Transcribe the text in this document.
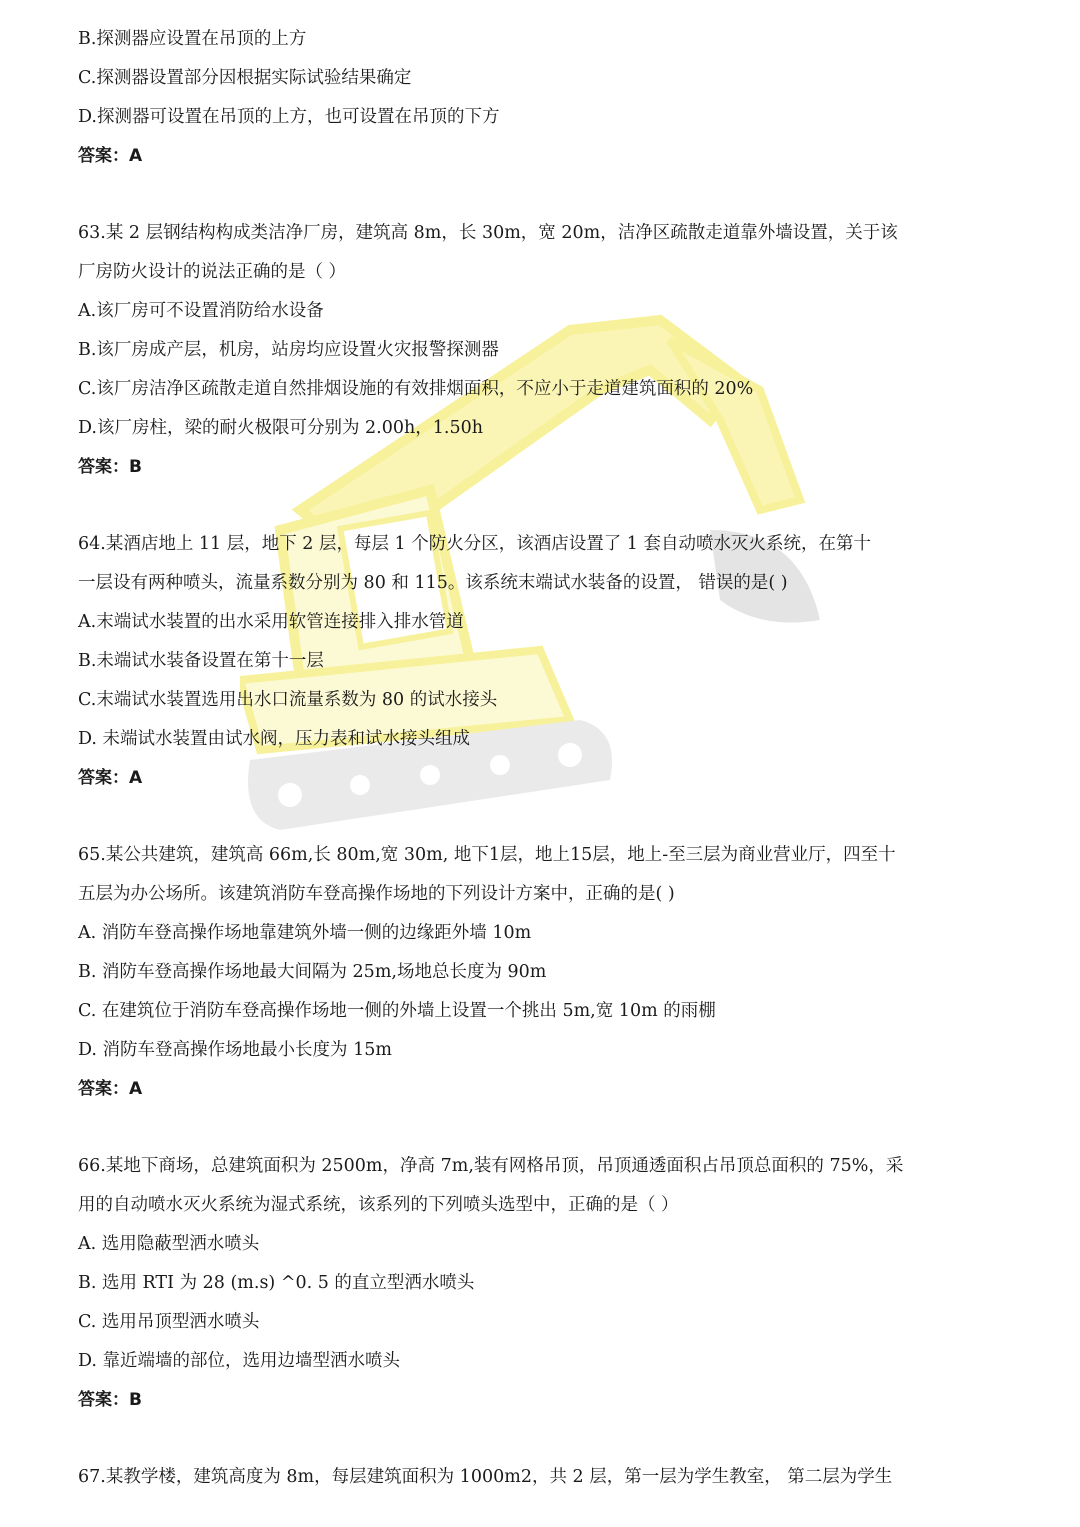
B.探测器应设置在吊顶的上方
C.探测器设置部分因根据实际试验结果确定
D.探测器可设置在吊顶的上方，也可设置在吊顶的下方
答案：A
63.某 2 层钢结构构成类洁净厂房，建筑高 8m，长 30m，宽 20m，洁净区疏散走道靠外墙设置，关于该
厂房防火设计的说法正确的是（ ）
A.该厂房可不设置消防给水设备
B.该厂房成产层，机房，站房均应设置火灾报警探测器
C.该厂房洁净区疏散走道自然排烟设施的有效排烟面积，不应小于走道建筑面积的 20%
D.该厂房柱，梁的耐火极限可分别为 2.00h，1.50h
答案：B
64.某酒店地上 11 层，地下 2 层，每层 1 个防火分区，该酒店设置了 1 套自动喷水灭火系统，在第十
一层设有两种喷头，流量系数分别为 80 和 115。该系统末端试水装备的设置， 错误的是( )
A.末端试水装置的出水采用软管连接排入排水管道
B.未端试水装备设置在第十一层
C.末端试水装置选用出水口流量系数为 80 的试水接头
D. 未端试水装置由试水阀，压力表和试水接头组成
答案：A
65.某公共建筑，建筑高 66m,长 80m,宽 30m, 地下1层，地上15层，地上-至三层为商业营业厅，四至十
五层为办公场所。该建筑消防车登高操作场地的下列设计方案中，正确的是( )
A. 消防车登高操作场地靠建筑外墙一侧的边缘距外墙 10m
B. 消防车登高操作场地最大间隔为 25m,场地总长度为 90m
C. 在建筑位于消防车登高操作场地一侧的外墙上设置一个挑出 5m,宽 10m 的雨棚
D. 消防车登高操作场地最小长度为 15m
答案：A
66.某地下商场，总建筑面积为 2500m，净高 7m,装有网格吊顶，吊顶通透面积占吊顶总面积的 75%，采
用的自动喷水灭火系统为湿式系统，该系列的下列喷头选型中，正确的是（ ）
A. 选用隐蔽型洒水喷头
B. 选用 RTI 为 28 (m.s) ^0. 5 的直立型洒水喷头
C. 选用吊顶型洒水喷头
D. 靠近端墙的部位，选用边墙型洒水喷头
答案：B
67.某教学楼，建筑高度为 8m，每层建筑面积为 1000m2，共 2 层，第一层为学生教室， 第二层为学生
